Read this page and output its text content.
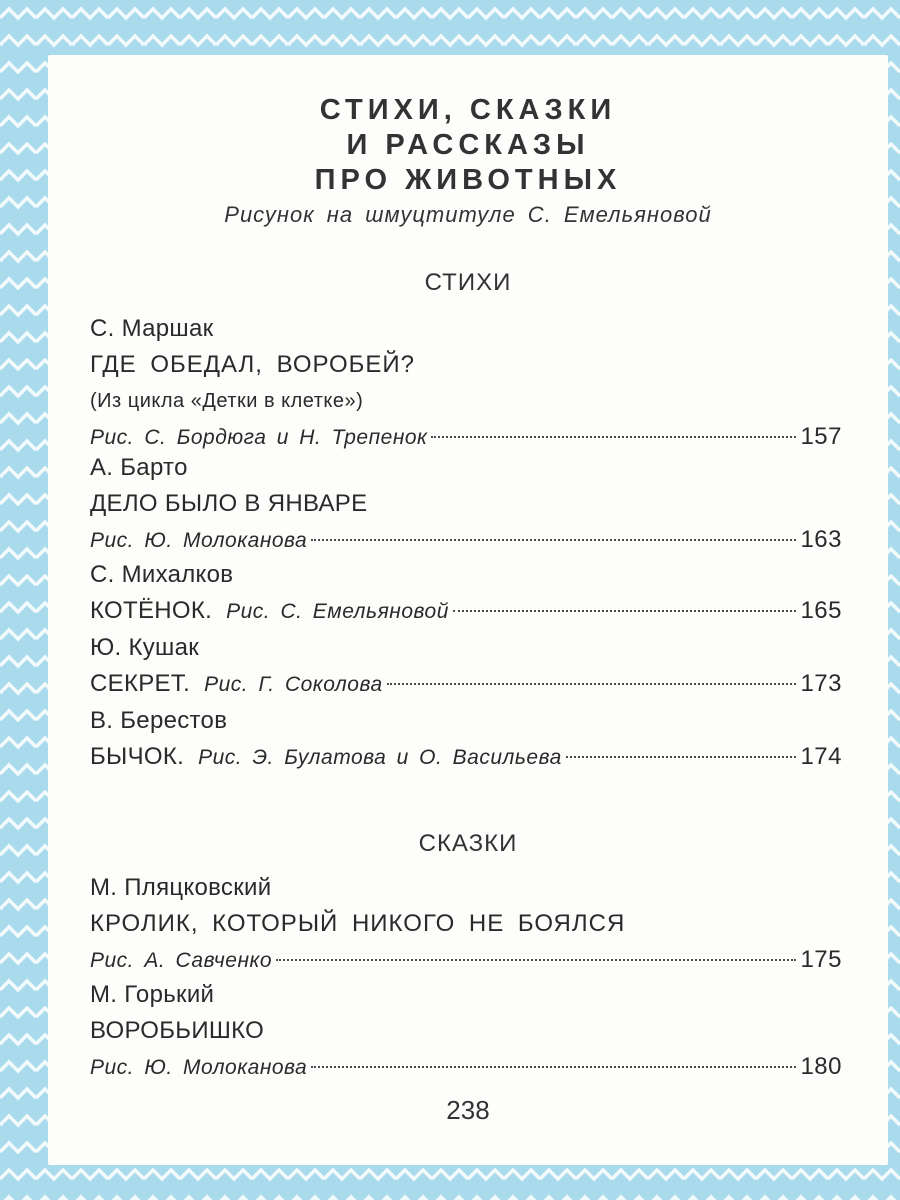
СТИХИ, СКАЗКИ
И РАССКАЗЫ
ПРО ЖИВОТНЫХ
Рисунок на шмуцтитуле С. Емельяновой
СТИХИ
С. Маршак
ГДЕ ОБЕДАЛ, ВОРОБЕЙ?
(Из цикла «Детки в клетке»)
Рис. С. Бордюга и Н. Трепенок	157
А. Барто
ДЕЛО БЫЛО В ЯНВАРЕ
Рис. Ю. Молоканова	163
С. Михалков
КОТЁНОК. Рис. С. Емельяновой	165
Ю. Кушак
СЕКРЕТ. Рис. Г. Соколова	173
В. Берестов
БЫЧОК. Рис. Э. Булатова и О. Васильева	174
СКАЗКИ
М. Пляцковский
КРОЛИК, КОТОРЫЙ НИКОГО НЕ БОЯЛСЯ
Рис. А. Савченко	175
М. Горький
ВОРОБЬИШКО
Рис. Ю. Молоканова	180
238
